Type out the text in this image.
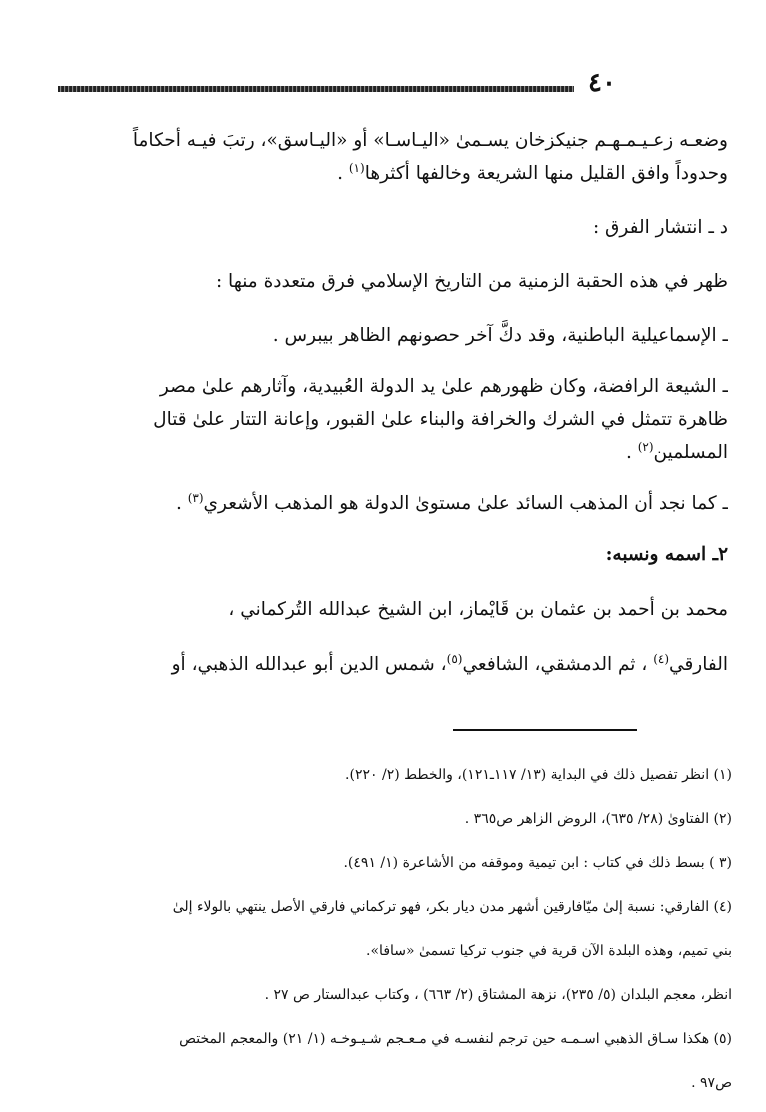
٤٠

وضعـه زعـيـمـهـم جنيكزخان يسـمىٰ «اليـاسـا» أو «اليـاسق»، رتبَ فيـه أحكاماً

وحدوداً وافق القليل منها الشريعة وخالفها أكثرها$^{(١)}$ .

د ـ انتشار الفرق :

ظهر في هذه الحقبة الزمنية من التاريخ الإسلامي فرق متعددة منها :

ـ الإسماعيلية الباطنية، وقد دكَّ آخر حصونهم الظاهر بيبرس .

ـ الشيعة الرافضة، وكان ظهورهم علىٰ يد الدولة العُبيدية، وآثارهم علىٰ مصر

ظاهرة تتمثل في الشرك والخرافة والبناء علىٰ القبور، وإعانة التتار علىٰ قتال

المسلمين$^{(٢)}$ .

ـ كما نجد أن المذهب السائد علىٰ مستوىٰ الدولة هو المذهب الأشعري$^{(٣)}$ .

٢ـ اسمه ونسبه:

محمد بن أحمد بن عثمان بن قَايْماز، ابن الشيخ عبدالله التُركماني ،

الفارقي$^{(٤)}$ ، ثم الدمشقي، الشافعي$^{(٥)}$، شمس الدين أبو عبدالله الذهبي، أو

(١) انظر تفصيل ذلك في البداية (١٣/ ١١٧ـ١٢١)، والخطط (٢/ ٢٢٠).

(٢) الفتاوىٰ (٢٨/ ٦٣٥)، الروض الزاهر ص٣٦٥ .

(٣ ) بسط ذلك في كتاب : ابن تيمية وموقفه من الأشاعرة (١/ ٤٩١).

(٤) الفارقي: نسبة إلىٰ ميّافارقين أشهر مدن ديار بكر، فهو تركماني فارقي الأصل ينتهي بالولاء إلىٰ

بني تميم، وهذه البلدة الآن قرية في جنوب تركيا تسمىٰ «سافا».

انظر، معجم البلدان (٥/ ٢٣٥)، نزهة المشتاق (٢/ ٦٦٣) ، وكتاب عبدالستار ص ٢٧ .

(٥) هكذا سـاق الذهبي اسـمـه حين ترجم لنفسـه في مـعـجم شـيـوخـه (١/ ٢١) والمعجم المختص

ص٩٧ .
